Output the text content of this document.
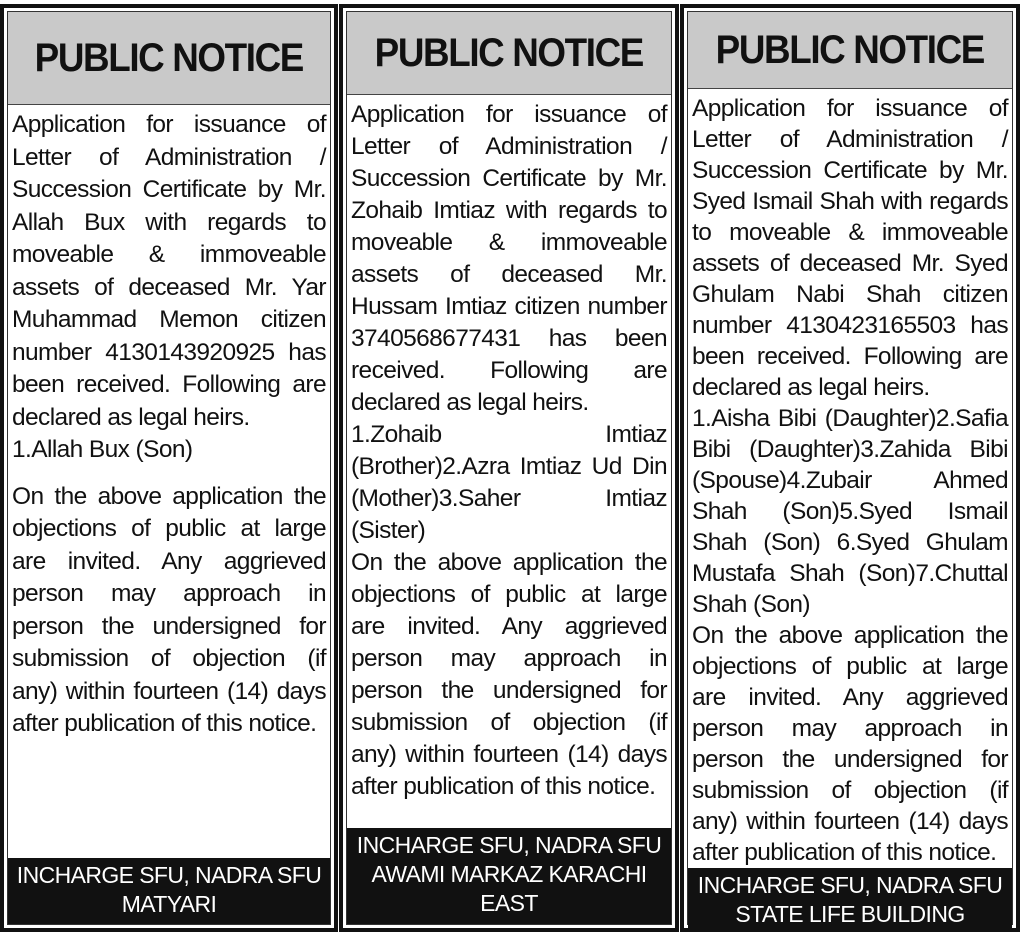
PUBLIC NOTICE

Application for issuance of Letter of Administration / Succession Certificate by Mr. Allah Bux with regards to moveable & immoveable assets of deceased Mr. Yar Muhammad Memon citizen number 4130143920925 has been received. Following are declared as legal heirs.

1.Allah Bux (Son)

On the above application the objections of public at large are invited. Any aggrieved person may approach in person the undersigned for submission of objection (if any) within fourteen (14) days after publication of this notice.

INCHARGE SFU, NADRA SFU
MATYARI
PUBLIC NOTICE

Application for issuance of Letter of Administration / Succession Certificate by Mr. Zohaib Imtiaz with regards to moveable & immoveable assets of deceased Mr. Hussam Imtiaz citizen number 3740568677431 has been received. Following are declared as legal heirs.

1.Zohaib Imtiaz (Brother)2.Azra Imtiaz Ud Din (Mother)3.Saher Imtiaz (Sister)

On the above application the objections of public at large are invited. Any aggrieved person may approach in person the undersigned for submission of objection (if any) within fourteen (14) days after publication of this notice.

INCHARGE SFU, NADRA SFU
AWAMI MARKAZ KARACHI
EAST
PUBLIC NOTICE

Application for issuance of Letter of Administration / Succession Certificate by Mr. Syed Ismail Shah with regards to moveable & immoveable assets of deceased Mr. Syed Ghulam Nabi Shah citizen number 4130423165503 has been received. Following are declared as legal heirs.

1.Aisha Bibi (Daughter)2.Safia Bibi (Daughter)3.Zahida Bibi (Spouse)4.Zubair Ahmed Shah (Son)5.Syed Ismail Shah (Son) 6.Syed Ghulam Mustafa Shah (Son)7.Chuttal Shah (Son)

On the above application the objections of public at large are invited. Any aggrieved person may approach in person the undersigned for submission of objection (if any) within fourteen (14) days after publication of this notice.

INCHARGE SFU, NADRA SFU
STATE LIFE BUILDING
